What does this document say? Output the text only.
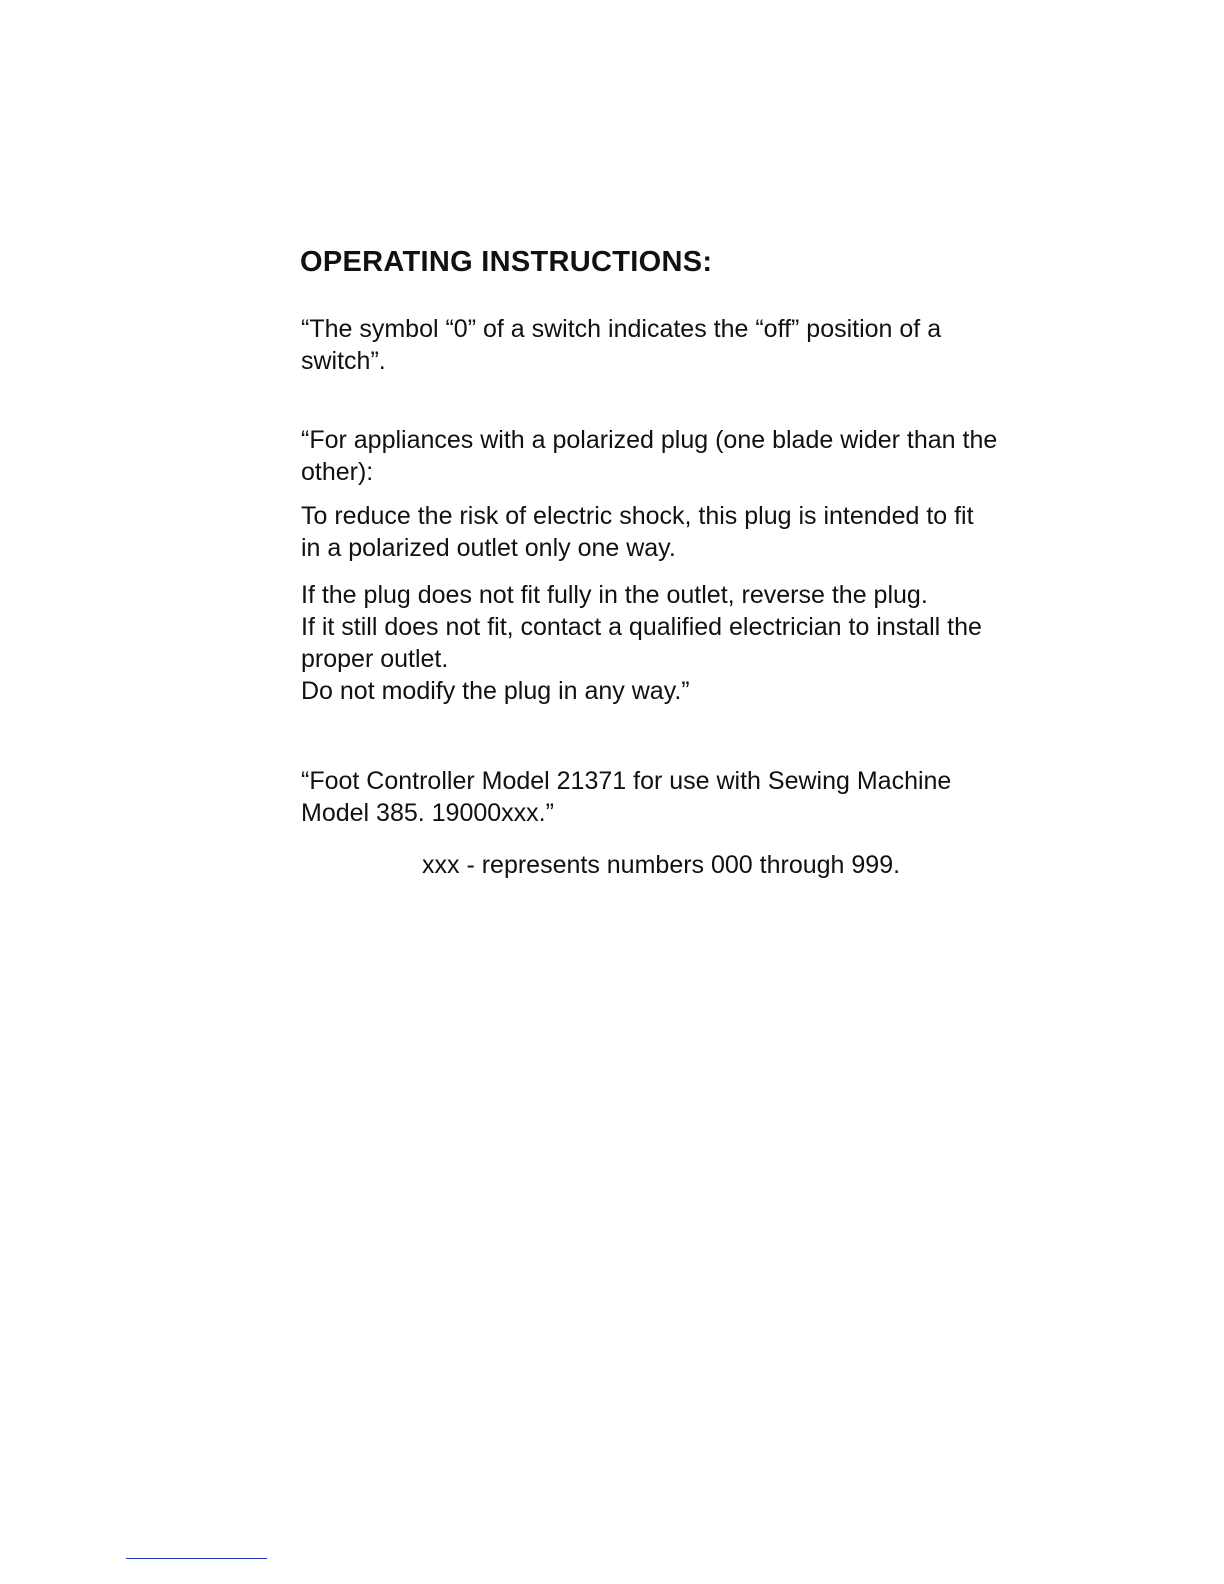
OPERATING INSTRUCTIONS:

“The symbol “0” of a switch indicates the “off” position of a
switch”.

“For appliances with a polarized plug (one blade wider than the
other):

To reduce the risk of electric shock, this plug is intended to fit
in a polarized outlet only one way.

If the plug does not fit fully in the outlet, reverse the plug.
If it still does not fit, contact a qualified electrician to install the
proper outlet.
Do not modify the plug in any way.”

“Foot Controller Model 21371 for use with Sewing Machine
Model 385. 19000xxx.”

xxx - represents numbers 000 through 999.
